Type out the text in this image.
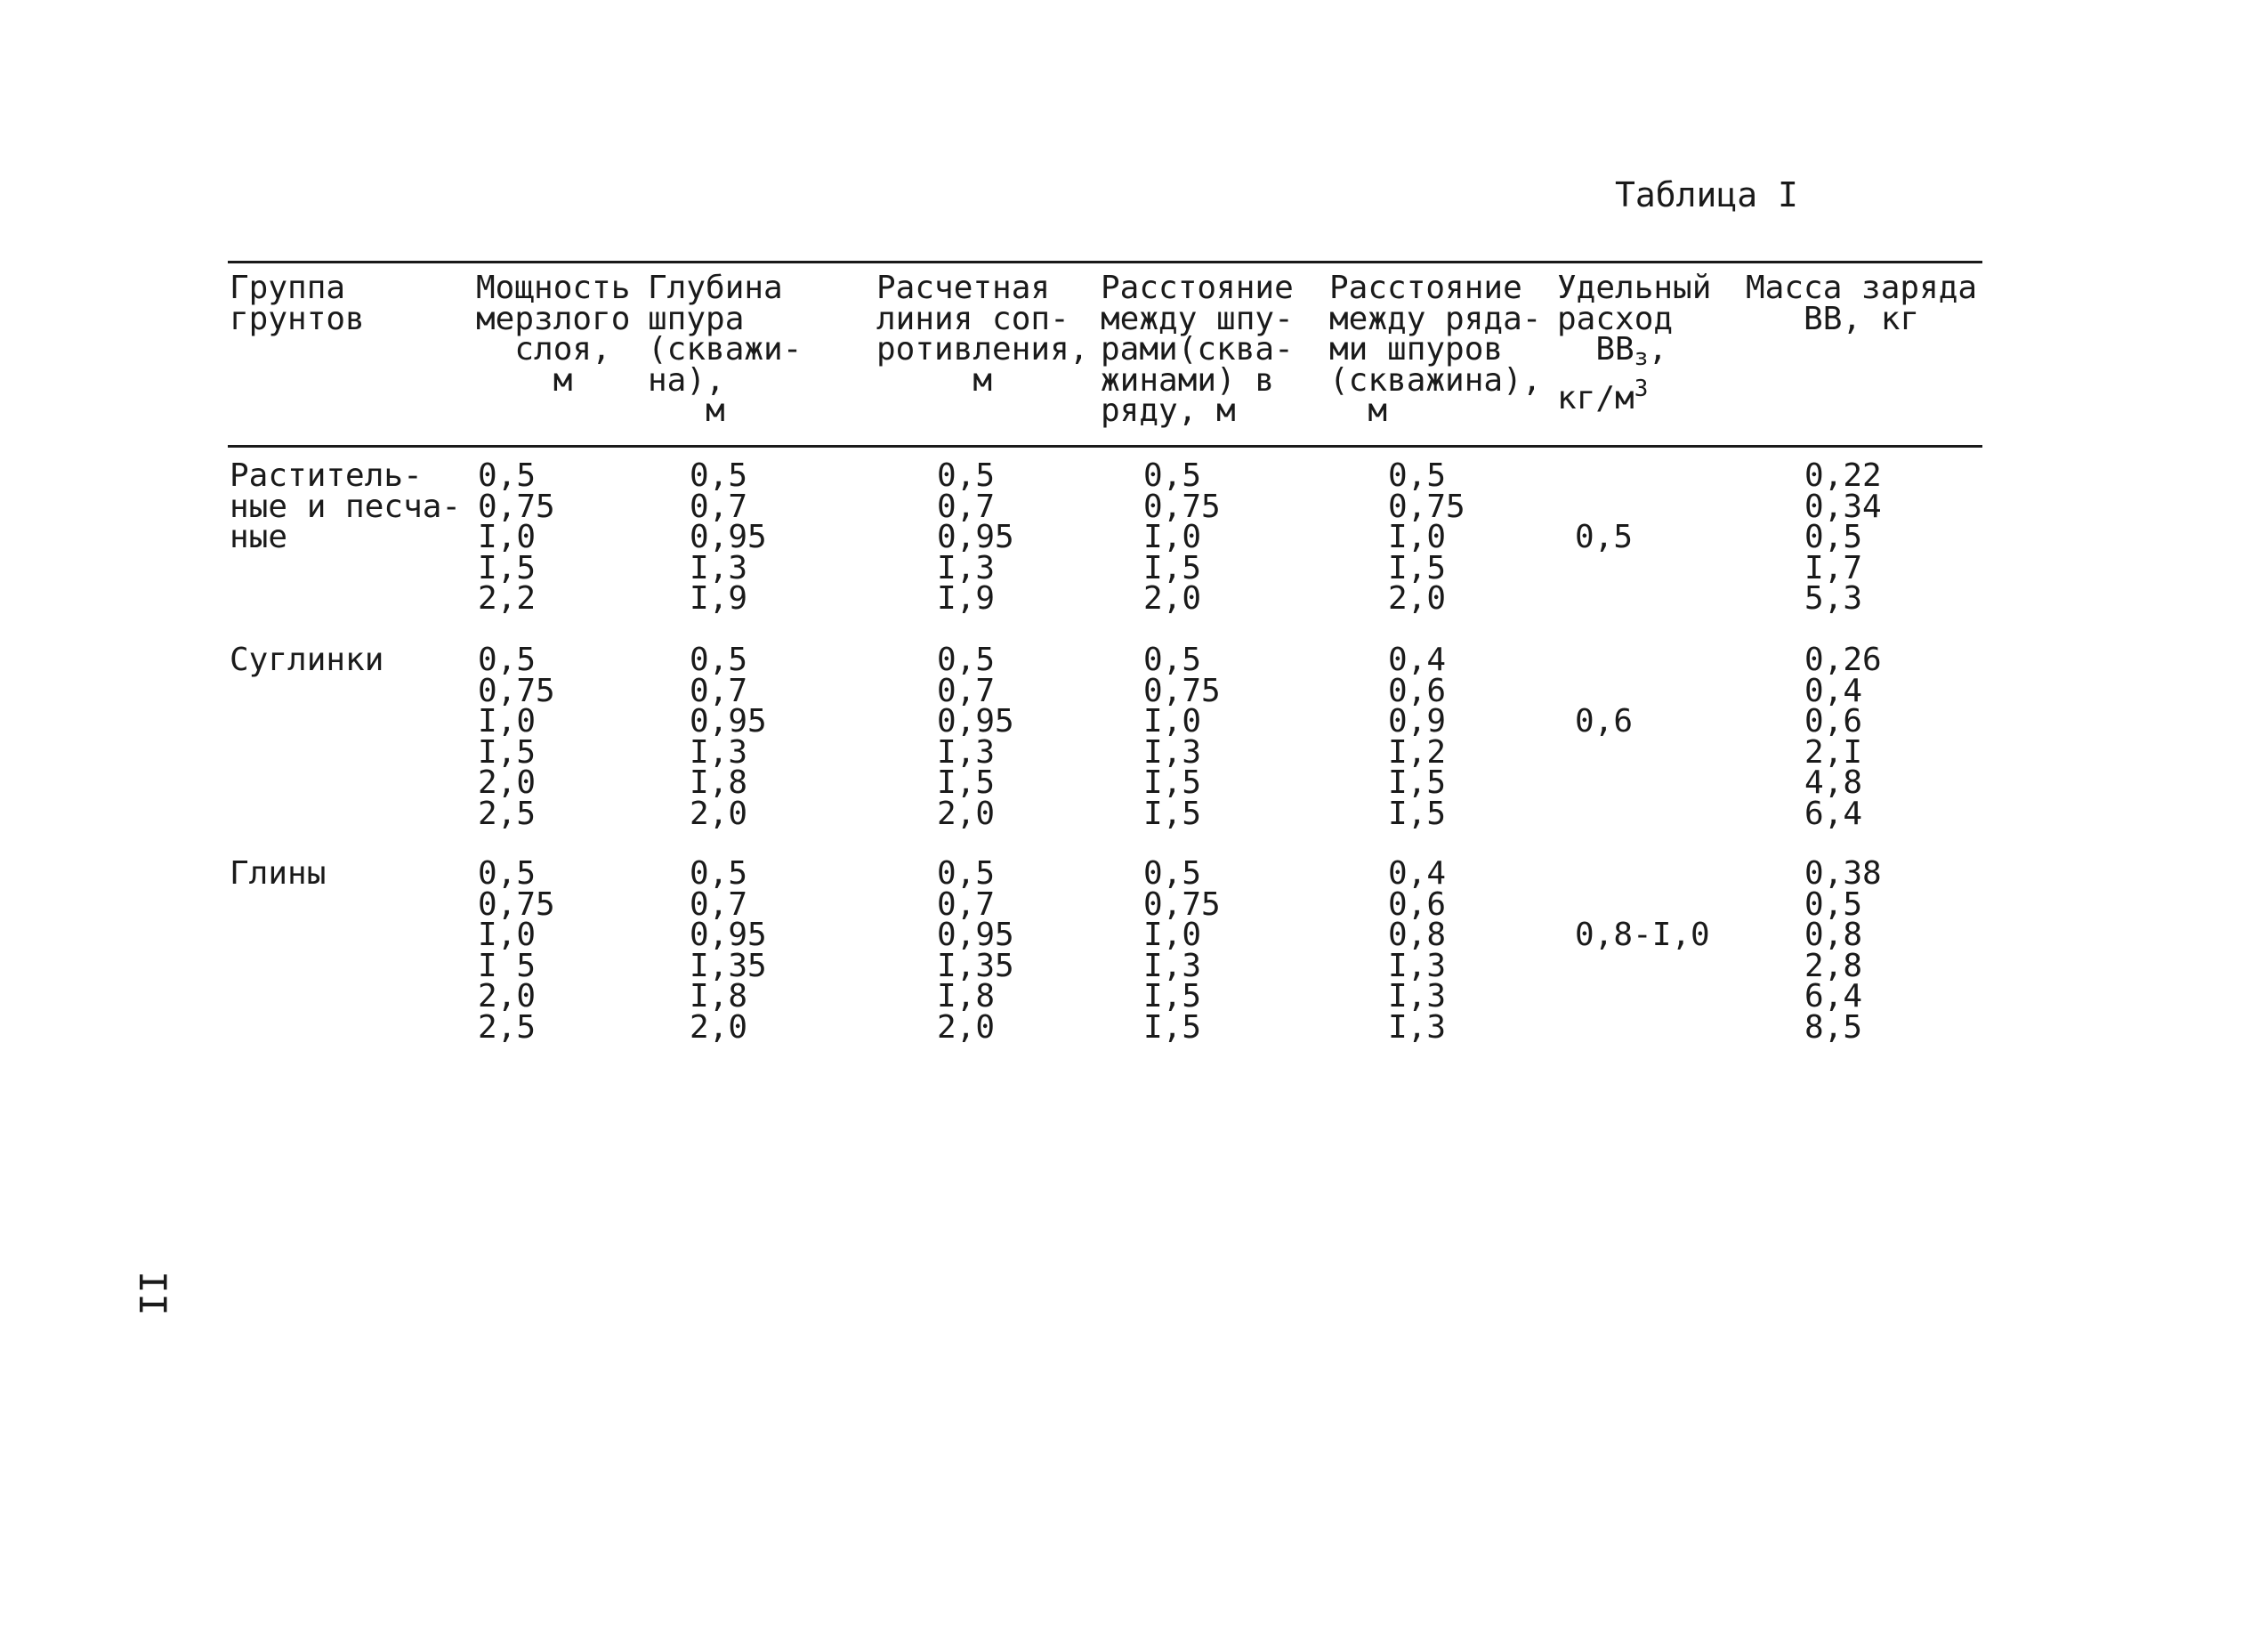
Таблица I
Группа
грунтов
Мощность
мерзлого
слоя,
м
Глубина
шпура
(скважи-
на),
м
Расчетная
линия соп-
ротивления,
м
Расстояние
между шпу-
рами(сква-
жинами) в
ряду, м
Расстояние
между ряда-
ми шпуров
(скважина),
м
Удельный
расход
$ВВ_з$,
$кг/м^3$
Масса заряда
ВВ, кг
Раститель-
ные и песча-
ные
0,5
0,75
I,0
I,5
2,2
0,5
0,7
0,95
I,3
I,9
0,5
0,7
0,95
I,3
I,9
0,5
0,75
I,0
I,5
2,0
0,5
0,75
I,0
I,5
2,0
0,22
0,34
0,5
I,7
5,3
0,5
Суглинки	0,5
0,75
I,0
I,5
2,0
2,5
0,5
0,7
0,95
I,3
I,8
2,0
0,5
0,7
0,95
I,3
I,5
2,0
0,5
0,75
I,0
I,3
I,5
I,5
0,4
0,6
0,9
I,2
I,5
I,5
0,26
0,4
0,6
2,I
4,8
6,4
0,6
Глины	0,5
0,75
I,0
I 5
2,0
2,5
0,5
0,7
0,95
I,35
I,8
2,0
0,5
0,7
0,95
I,35
I,8
2,0
0,5
0,75
I,0
I,3
I,5
I,5
0,4
0,6
0,8
I,3
I,3
I,3
0,38
0,5
0,8
2,8
6,4
8,5
0,8-I,0
II
